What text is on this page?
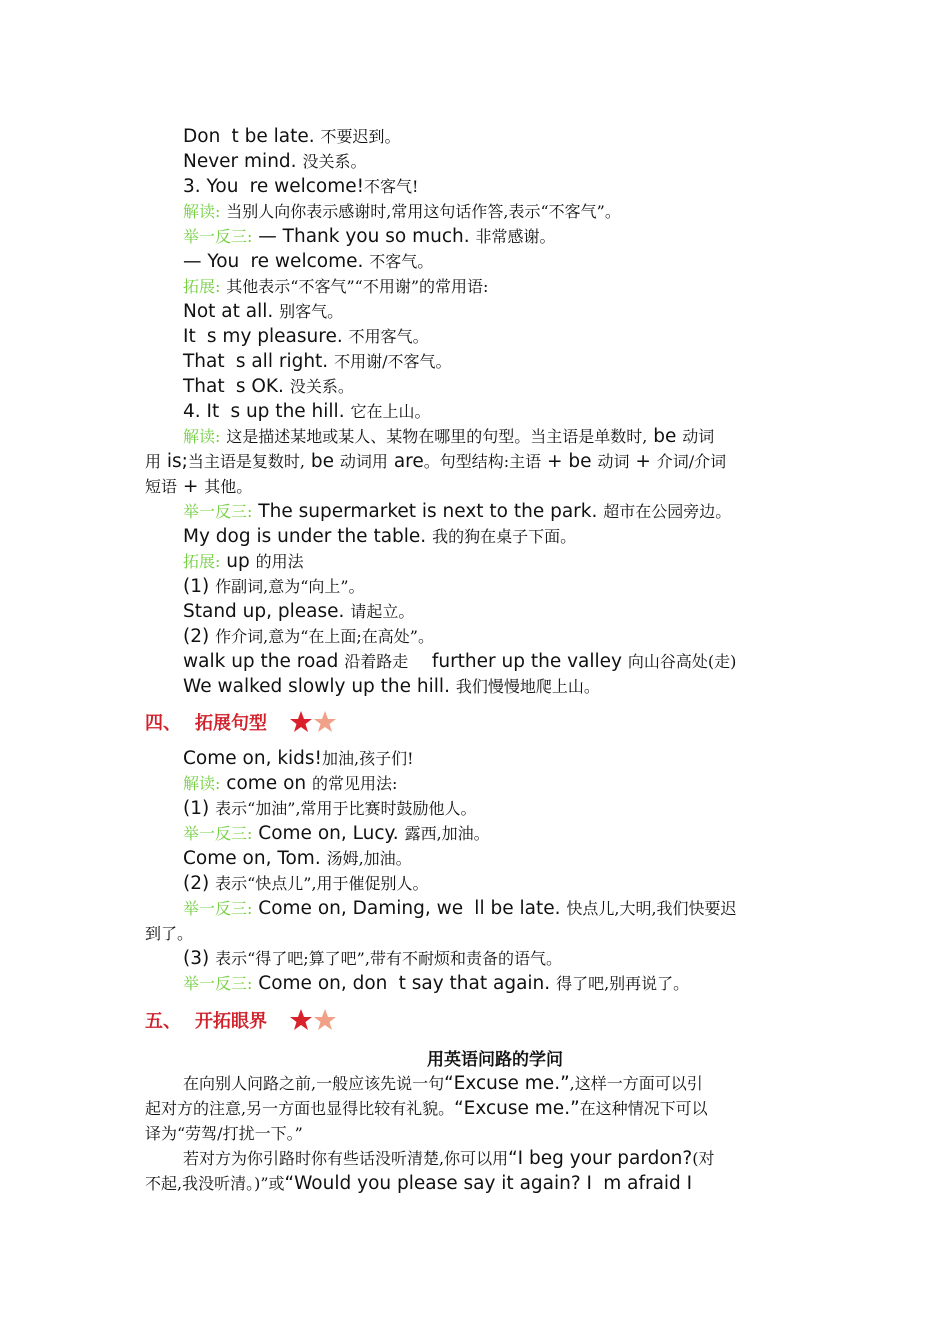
Dont be late. 不要迟到。
Never mind. 没关系。
3. Youre welcome!不客气!
解读: 当别人向你表示感谢时,常用这句话作答,表示“不客气”。
举一反三: — Thank you so much. 非常感谢。
— Youre welcome. 不客气。
拓展: 其他表示“不客气”“不用谢”的常用语:
Not at all. 别客气。
Its my pleasure. 不用客气。
Thats all right. 不用谢/不客气。
Thats OK. 没关系。
4. Its up the hill. 它在上山。
解读: 这是描述某地或某人、某物在哪里的句型。当主语是单数时, be 动词
用 is;当主语是复数时, be 动词用 are。句型结构:主语 + be 动词 + 介词/介词
短语 + 其他。
举一反三: The supermarket is next to the park. 超市在公园旁边。
My dog is under the table. 我的狗在桌子下面。
拓展: up 的用法
(1) 作副词,意为“向上”。
Stand up, please. 请起立。
(2) 作介词,意为“在上面;在高处”。
walk up the road 沿着路走 further up the valley 向山谷高处(走)
We walked slowly up the hill. 我们慢慢地爬上山。
四、 拓展句型
Come on, kids!加油,孩子们!
解读: come on 的常见用法:
(1) 表示“加油”,常用于比赛时鼓励他人。
举一反三: Come on, Lucy. 露西,加油。
Come on, Tom. 汤姆,加油。
(2) 表示“快点儿”,用于催促别人。
举一反三: Come on, Daming, well be late. 快点儿,大明,我们快要迟
到了。
(3) 表示“得了吧;算了吧”,带有不耐烦和责备的语气。
举一反三: Come on, dont say that again. 得了吧,别再说了。
五、 开拓眼界
用英语问路的学问
在向别人问路之前,一般应该先说一句“Excuse me.”,这样一方面可以引
起对方的注意,另一方面也显得比较有礼貌。“Excuse me.”在这种情况下可以
译为“劳驾/打扰一下。”
若对方为你引路时你有些话没听清楚,你可以用“I beg your pardon?(对
不起,我没听清。)”或“Would you please say it again? Im afraid I
